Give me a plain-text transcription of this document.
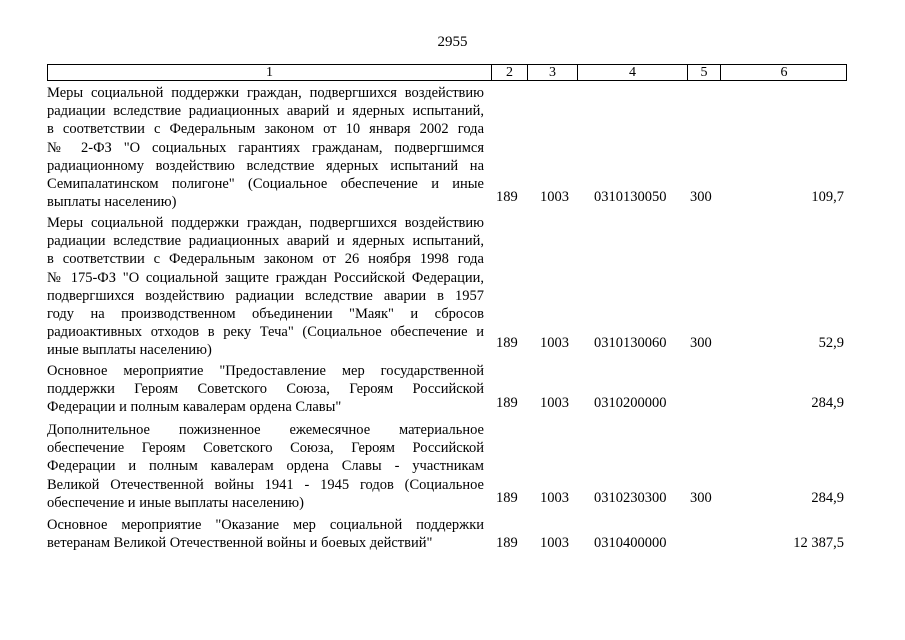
2955
1	2	3	4	5	6
Меры социальной поддержки граждан, подвергшихся воздействию
радиации вследствие радиационных аварий и ядерных испытаний,
в соответствии с Федеральным законом от 10 января 2002 года
№ 2-ФЗ "О социальных гарантиях гражданам, подвергшимся
радиационному воздействию вследствие ядерных испытаний на
Семипалатинском полигоне" (Социальное обеспечение и иные
выплаты населению)	189 1003 0310130050 300	109,7
Меры социальной поддержки граждан, подвергшихся воздействию
радиации вследствие радиационных аварий и ядерных испытаний,
в соответствии с Федеральным законом от 26 ноября 1998 года
№ 175-ФЗ "О социальной защите граждан Российской Федерации,
подвергшихся воздействию радиации вследствие аварии в 1957
году на производственном объединении "Маяк" и сбросов
радиоактивных отходов в реку Теча" (Социальное обеспечение и
иные выплаты населению)	189 1003 0310130060 300	52,9
Основное мероприятие "Предоставление мер государственной
поддержки Героям Советского Союза, Героям Российской
Федерации и полным кавалерам ордена Славы"	189 1003 0310200000	284,9
Дополнительное пожизненное ежемесячное материальное
обеспечение Героям Советского Союза, Героям Российской
Федерации и полным кавалерам ордена Славы - участникам
Великой Отечественной войны 1941 - 1945 годов (Социальное
обеспечение и иные выплаты населению)	189 1003 0310230300 300	284,9
Основное мероприятие "Оказание мер социальной поддержки
ветеранам Великой Отечественной войны и боевых действий"	189 1003 0310400000	12 387,5
